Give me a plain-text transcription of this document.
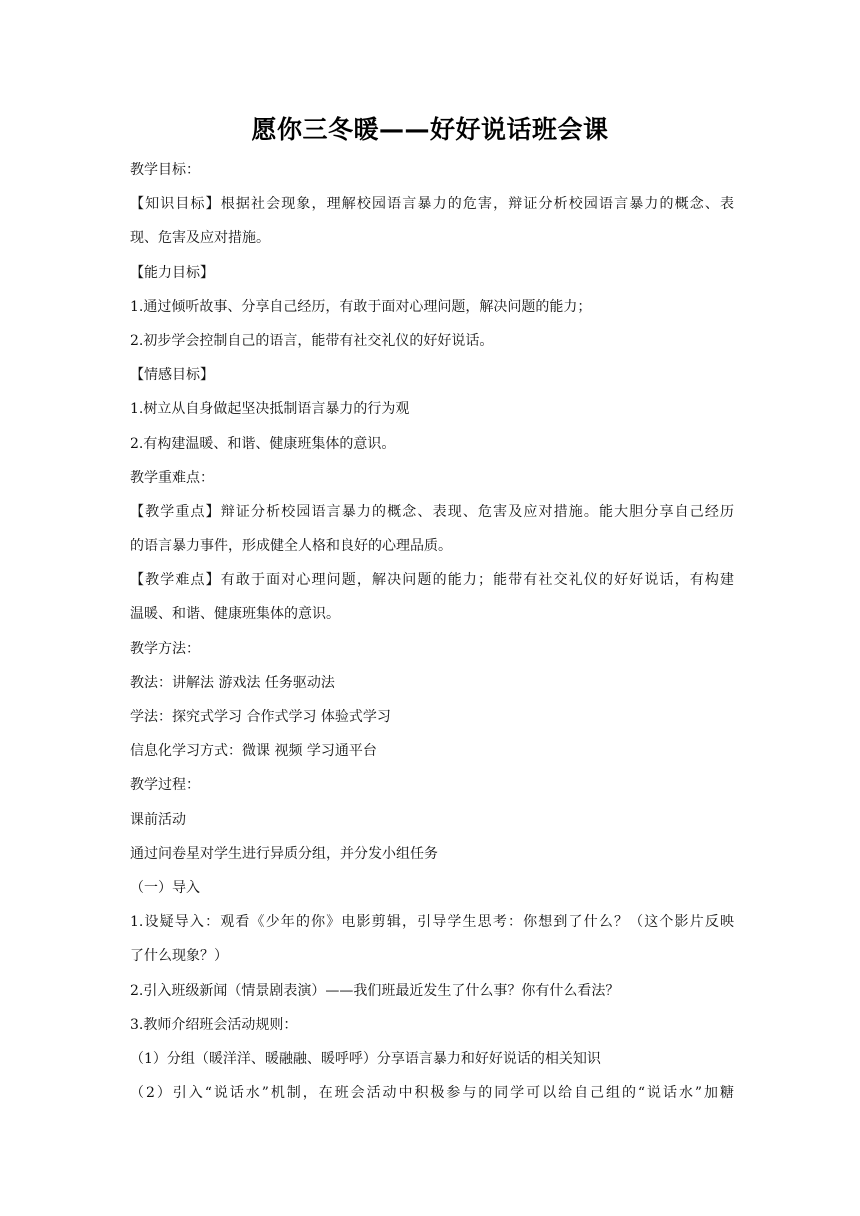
愿你三冬暖——好好说话班会课
教学目标：
【知识目标】根据社会现象，理解校园语言暴力的危害，辩证分析校园语言暴力的概念、表
现、危害及应对措施。
【能力目标】
1.通过倾听故事、分享自己经历，有敢于面对心理问题，解决问题的能力；
2.初步学会控制自己的语言，能带有社交礼仪的好好说话。
【情感目标】
1.树立从自身做起坚决抵制语言暴力的行为观
2.有构建温暖、和谐、健康班集体的意识。
教学重难点：
【教学重点】辩证分析校园语言暴力的概念、表现、危害及应对措施。能大胆分享自己经历
的语言暴力事件，形成健全人格和良好的心理品质。
【教学难点】有敢于面对心理问题，解决问题的能力；能带有社交礼仪的好好说话，有构建
温暖、和谐、健康班集体的意识。
教学方法：
教法：讲解法 游戏法 任务驱动法
学法：探究式学习 合作式学习 体验式学习
信息化学习方式：微课 视频 学习通平台
教学过程：
课前活动
通过问卷星对学生进行异质分组，并分发小组任务
（一）导入
1.设疑导入：观看《少年的你》电影剪辑，引导学生思考：你想到了什么？（这个影片反映
了什么现象？）
2.引入班级新闻（情景剧表演）——我们班最近发生了什么事？你有什么看法？
3.教师介绍班会活动规则：
（1）分组（暖洋洋、暖融融、暖呼呼）分享语言暴力和好好说话的相关知识
（2）引入“说话水”机制，在班会活动中积极参与的同学可以给自己组的“说话水”加糖
